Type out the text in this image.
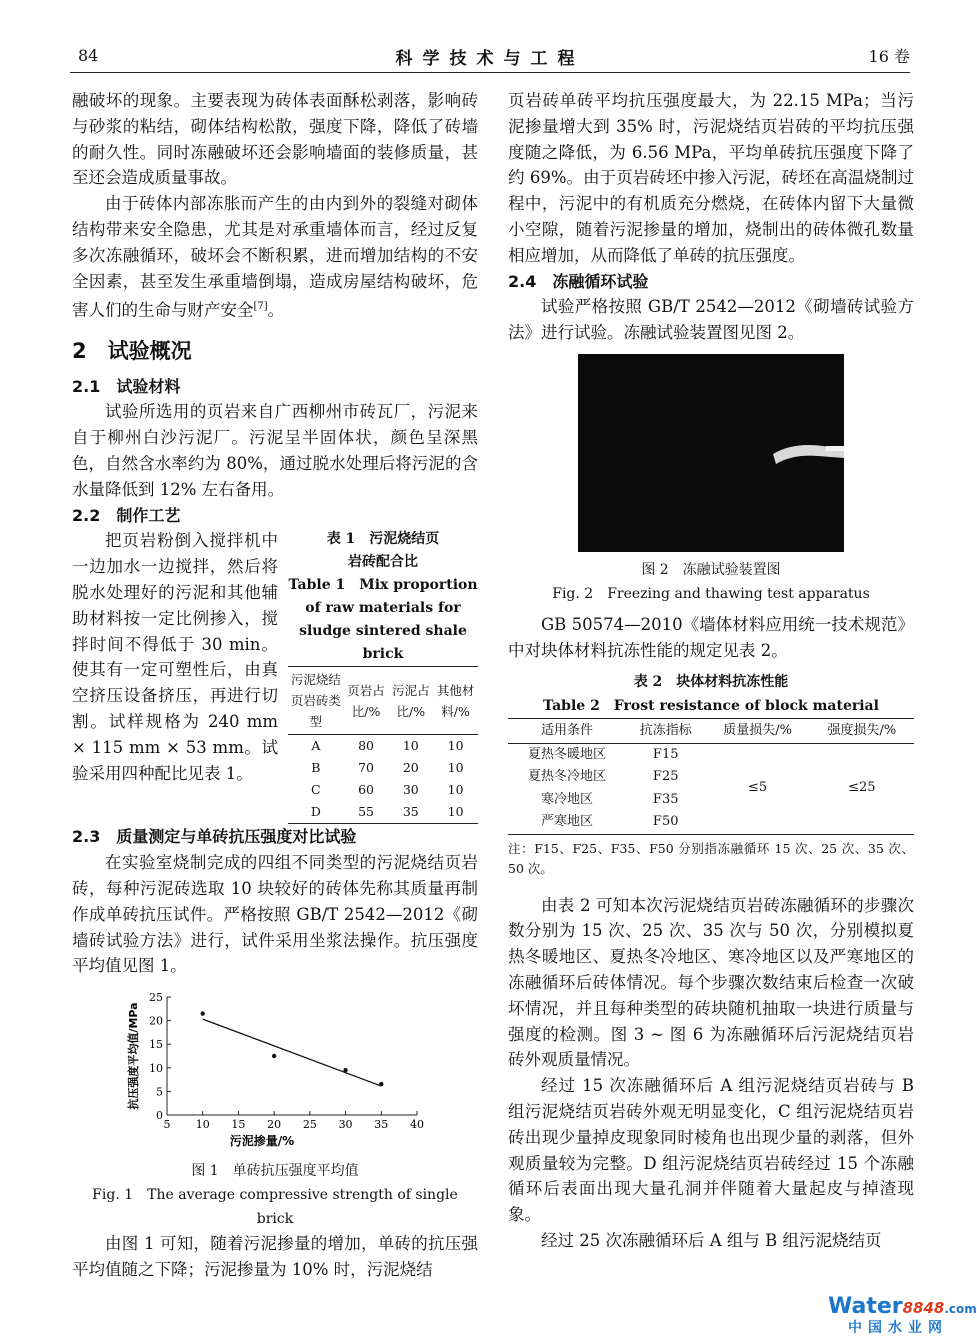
84	科学技术与工程	16 卷

融破坏的现象。主要表现为砖体表面酥松剥落，影响砖与砂浆的粘结，砌体结构松散，强度下降，降低了砖墙的耐久性。同时冻融破坏还会影响墙面的装修质量，甚至还会造成质量事故。

由于砖体内部冻胀而产生的由内到外的裂缝对砌体结构带来安全隐患，尤其是对承重墙体而言，经过反复多次冻融循环，破坏会不断积累，进而增加结构的不安全因素，甚至发生承重墙倒塌，造成房屋结构破坏，危害人们的生命与财产安全[7]。

2　试验概况
2.1　试验材料

试验所选用的页岩来自广西柳州市砖瓦厂，污泥来自于柳州白沙污泥厂。污泥呈半固体状，颜色呈深黑色，自然含水率约为 80%，通过脱水处理后将污泥的含水量降低到 12% 左右备用。

2.2　制作工艺
表 1　污泥烧结页
岩砖配合比
Table 1　Mix proportion
of raw materials for
sludge sintered shale brick
污泥烧结页岩砖类型	页岩占比/%	污泥占比/%	其他材料/%
A	80	10	10
B	70	20	10
C	60	30	10
D	55	35	10

把页岩粉倒入搅拌机中一边加水一边搅拌，然后将脱水处理好的污泥和其他辅助材料按一定比例掺入，搅拌时间不得低于 30 min。使其有一定可塑性后，由真空挤压设备挤压，再进行切割。试样规格为 240 mm × 115 mm × 53 mm。试验采用四种配比见表 1。

2.3　质量测定与单砖抗压强度对比试验

在实验室烧制完成的四组不同类型的污泥烧结页岩砖，每种污泥砖选取 10 块较好的砖体先称其质量再制作成单砖抗压试件。严格按照 GB/T 2542—2012《砌墙砖试验方法》进行，试件采用坐浆法操作。抗压强度平均值见图 1。

5 10 15 20 25 30 35 40
0
5
10
15
20
25
污泥掺量/%
抗压强度平均值/MPa
图 1　单砖抗压强度平均值
Fig. 1　The average compressive strength of single brick

由图 1 可知，随着污泥掺量的增加，单砖的抗压强平均值随之下降；污泥掺量为 10% 时，污泥烧结

页岩砖单砖平均抗压强度最大，为 22.15 MPa；当污泥掺量增大到 35% 时，污泥烧结页岩砖的平均抗压强度随之降低，为 6.56 MPa，平均单砖抗压强度下降了约 69%。由于页岩砖坯中掺入污泥，砖坯在高温烧制过程中，污泥中的有机质充分燃烧，在砖体内留下大量微小空隙，随着污泥掺量的增加，烧制出的砖体微孔数量相应增加，从而降低了单砖的抗压强度。

2.4　冻融循环试验

试验严格按照 GB/T 2542—2012《砌墙砖试验方法》进行试验。冻融试验装置图见图 2。

图 2　冻融试验装置图
Fig. 2　Freezing and thawing test apparatus

GB 50574—2010《墙体材料应用统一技术规范》中对块体材料抗冻性能的规定见表 2。

表 2　块体材料抗冻性能
Table 2　Frost resistance of block material
适用条件	抗冻指标	质量损失/%	强度损失/%
夏热冬暖地区	F15	≤5	≤25
夏热冬冷地区	F25		
寒冷地区	F35		
严寒地区	F50		

注：F15、F25、F35、F50 分别指冻融循环 15 次、25 次、35 次、50 次。

由表 2 可知本次污泥烧结页岩砖冻融循环的步骤次数分别为 15 次、25 次、35 次与 50 次，分别模拟夏热冬暖地区、夏热冬冷地区、寒冷地区以及严寒地区的冻融循环后砖体情况。每个步骤次数结束后检查一次破坏情况，并且每种类型的砖块随机抽取一块进行质量与强度的检测。图 3 ~ 图 6 为冻融循环后污泥烧结页岩砖外观质量情况。

经过 15 次冻融循环后 A 组污泥烧结页岩砖与 B 组污泥烧结页岩砖外观无明显变化，C 组污泥烧结页岩砖出现少量掉皮现象同时棱角也出现少量的剥落，但外观质量较为完整。D 组污泥烧结页岩砖经过 15 个冻融循环后表面出现大量孔洞并伴随着大量起皮与掉渣现象。

经过 25 次冻融循环后 A 组与 B 组污泥烧结页

Water8848.com
中国水业网
